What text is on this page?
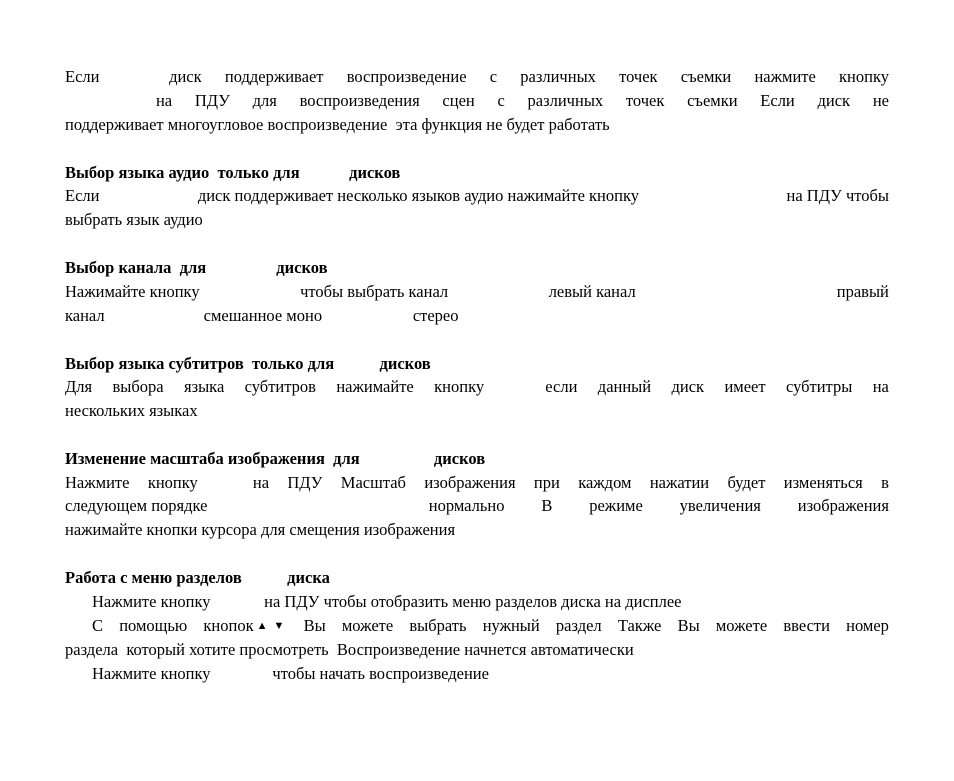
Если	диск поддерживает воспроизведение с различных точек съемки нажмите кнопку
на ПДУ для воспроизведения сцен с различных точек съемки Если диск не
поддерживает многоугловое воспроизведение  эта функция не будет работать
Выбор языка аудио  только для            дисков
Если	диск поддерживает несколько языков аудио нажимайте кнопку	на ПДУ чтобы
выбрать язык аудио
Выбор канала  для                 дисков
Нажимайте кнопку	чтобы выбрать канал	левый канал	правый
канал                        смешанное моно                      стерео
Выбор языка субтитров  только для           дисков
Для выбора языка субтитров нажимайте кнопку	если данный диск имеет субтитры на
нескольких языках
Изменение масштаба изображения  для                  дисков
Нажмите кнопку	на ПДУ Масштаб изображения при каждом нажатии будет изменяться в
следующем порядке	нормально В режиме увеличения изображения
нажимайте кнопки курсора для смещения изображения
Работа с меню разделов           диска
Нажмите кнопку             на ПДУ чтобы отобразить меню разделов диска на дисплее
С помощью кнопок ▲ ▼ Вы можете выбрать нужный раздел Также Вы можете ввести номер
раздела  который хотите просмотреть  Воспроизведение начнется автоматически
Нажмите кнопку               чтобы начать воспроизведение
